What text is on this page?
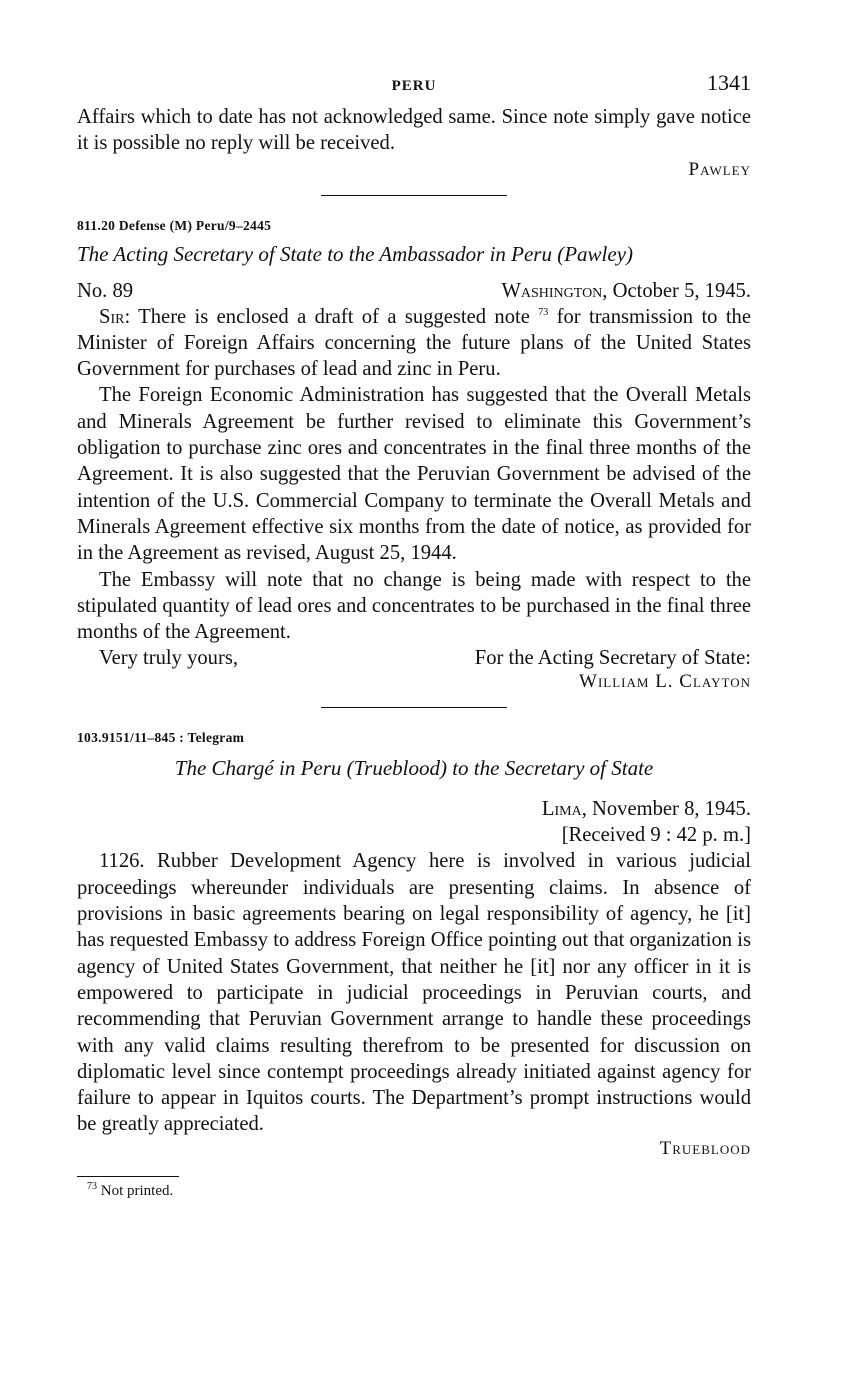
PERU	1341

Affairs which to date has not acknowledged same. Since note simply gave notice it is possible no reply will be received.

Pawley
811.20 Defense (M) Peru/9–2445
The Acting Secretary of State to the Ambassador in Peru (Pawley)
No. 89	Washington, October 5, 1945.

Sir: There is enclosed a draft of a suggested note $^{73}$ for transmission to the Minister of Foreign Affairs concerning the future plans of the United States Government for purchases of lead and zinc in Peru.

The Foreign Economic Administration has suggested that the Overall Metals and Minerals Agreement be further revised to eliminate this Government’s obligation to purchase zinc ores and concentrates in the final three months of the Agreement. It is also suggested that the Peruvian Government be advised of the intention of the U.S. Commercial Company to terminate the Overall Metals and Minerals Agreement effective six months from the date of notice, as provided for in the Agreement as revised, August 25, 1944.

The Embassy will note that no change is being made with respect to the stipulated quantity of lead ores and concentrates to be purchased in the final three months of the Agreement.

Very truly yours,	For the Acting Secretary of State:
William L. Clayton
103.9151/11–845 : Telegram
The Chargé in Peru (Trueblood) to the Secretary of State
Lima, November 8, 1945.
[Received 9 : 42 p. m.]

1126. Rubber Development Agency here is involved in various judicial proceedings whereunder individuals are presenting claims. In absence of provisions in basic agreements bearing on legal responsibility of agency, he [it] has requested Embassy to address Foreign Office pointing out that organization is agency of United States Government, that neither he [it] nor any officer in it is empowered to participate in judicial proceedings in Peruvian courts, and recommending that Peruvian Government arrange to handle these proceedings with any valid claims resulting therefrom to be presented for discussion on diplomatic level since contempt proceedings already initiated against agency for failure to appear in Iquitos courts. The Department’s prompt instructions would be greatly appreciated.

Trueblood
$^{73}$ Not printed.
